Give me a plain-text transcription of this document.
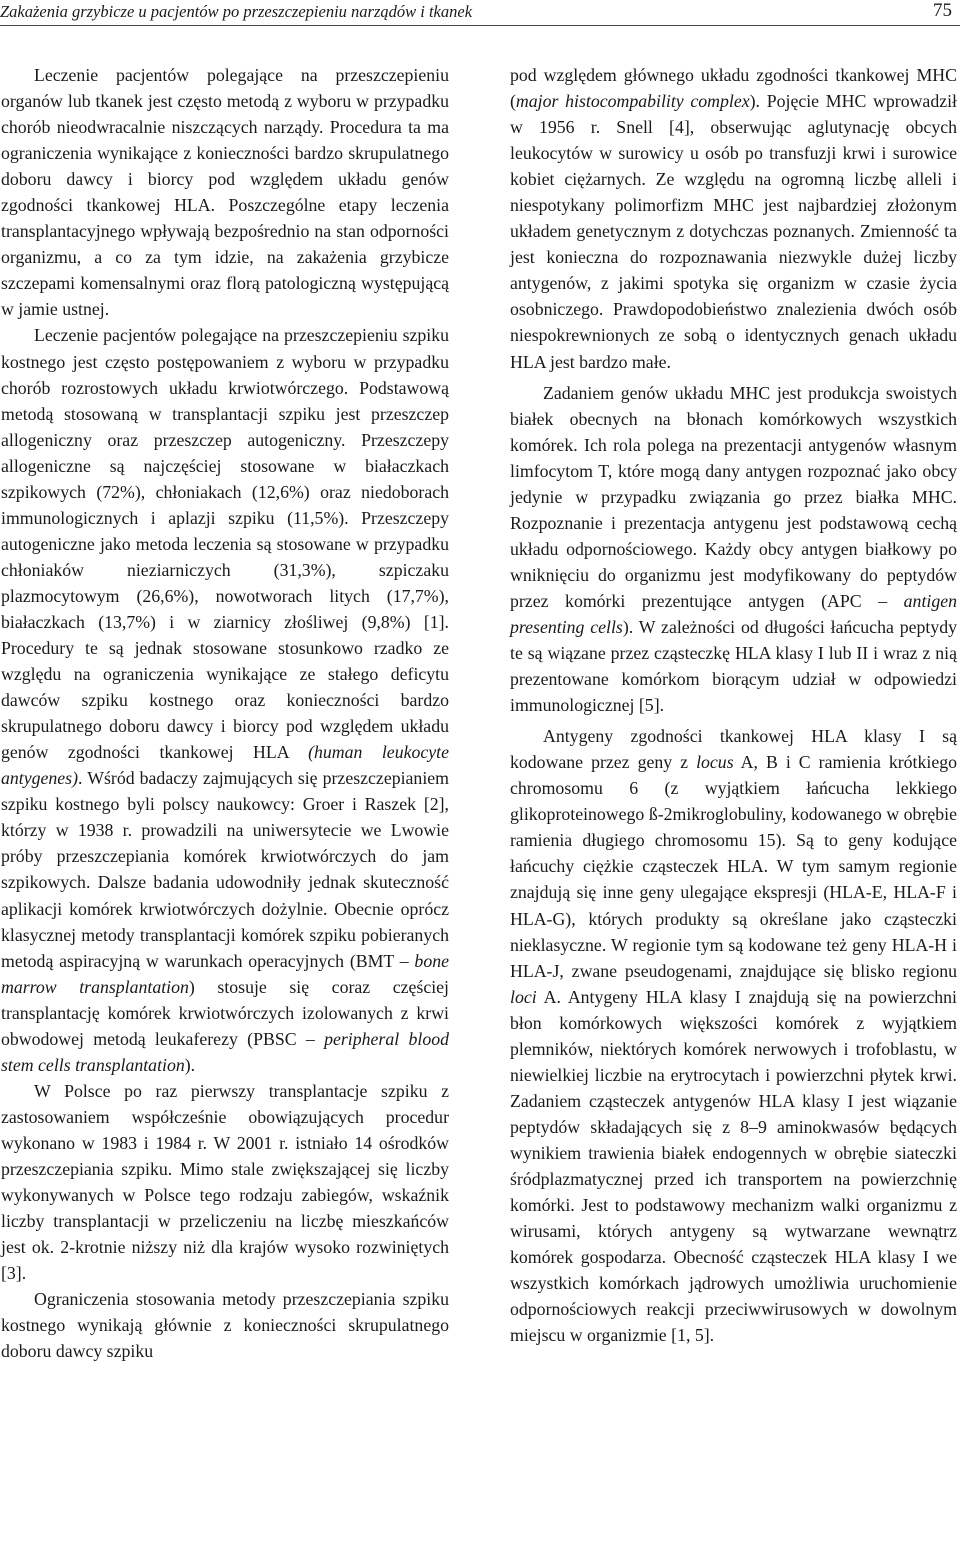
Zakażenia grzybicze u pacjentów po przeszczepieniu narządów i tkanek	75

Leczenie pacjentów polegające na przeszczepieniu organów lub tkanek jest często metodą z wyboru w przypadku chorób nieodwracalnie niszczących narządy. Procedura ta ma ograniczenia wynikające z konieczności bardzo skrupulatnego doboru dawcy i biorcy pod względem układu genów zgodności tkankowej HLA. Poszczególne etapy leczenia transplantacyjnego wpływają bezpośrednio na stan odporności organizmu, a co za tym idzie, na zakażenia grzybicze szczepami komensalnymi oraz florą patologiczną występującą w jamie ustnej.

Leczenie pacjentów polegające na przeszczepieniu szpiku kostnego jest często postępowaniem z wyboru w przypadku chorób rozrostowych układu krwiotwórczego. Podstawową metodą stosowaną w transplantacji szpiku jest przeszczep allogeniczny oraz przeszczep autogeniczny. Przeszczepy allogeniczne są najczęściej stosowane w białaczkach szpikowych (72%), chłoniakach (12,6%) oraz niedoborach immunologicznych i aplazji szpiku (11,5%). Przeszczepy autogeniczne jako metoda leczenia są stosowane w przypadku chłoniaków nieziarniczych (31,3%), szpiczaku plazmocytowym (26,6%), nowotworach litych (17,7%), białaczkach (13,7%) i w ziarnicy złośliwej (9,8%) [1]. Procedury te są jednak stosowane stosunkowo rzadko ze względu na ograniczenia wynikające ze stałego deficytu dawców szpiku kostnego oraz konieczności bardzo skrupulatnego doboru dawcy i biorcy pod względem układu genów zgodności tkankowej HLA (human leukocyte antygenes). Wśród badaczy zajmujących się przeszczepianiem szpiku kostnego byli polscy naukowcy: Groer i Raszek [2], którzy w 1938 r. prowadzili na uniwersytecie we Lwowie próby przeszczepiania komórek krwiotwórczych do jam szpikowych. Dalsze badania udowodniły jednak skuteczność aplikacji komórek krwiotwórczych dożylnie. Obecnie oprócz klasycznej metody transplantacji komórek szpiku pobieranych metodą aspiracyjną w warunkach operacyjnych (BMT – bone marrow transplantation) stosuje się coraz częściej transplantację komórek krwiotwórczych izolowanych z krwi obwodowej metodą leukaferezy (PBSC – peripheral blood stem cells transplantation).

W Polsce po raz pierwszy transplantacje szpiku z zastosowaniem współcześnie obowiązujących procedur wykonano w 1983 i 1984 r. W 2001 r. istniało 14 ośrodków przeszczepiania szpiku. Mimo stale zwiększającej się liczby wykonywanych w Polsce tego rodzaju zabiegów, wskaźnik liczby transplantacji w przeliczeniu na liczbę mieszkańców jest ok. 2-krotnie niższy niż dla krajów wysoko rozwiniętych [3].

Ograniczenia stosowania metody przeszczepiania szpiku kostnego wynikają głównie z konieczności skrupulatnego doboru dawcy szpiku

pod względem głównego układu zgodności tkankowej MHC (major histocompability complex). Pojęcie MHC wprowadził w 1956 r. Snell [4], obserwując aglutynację obcych leukocytów w surowicy u osób po transfuzji krwi i surowice kobiet ciężarnych. Ze względu na ogromną liczbę alleli i niespotykany polimorfizm MHC jest najbardziej złożonym układem genetycznym z dotychczas poznanych. Zmienność ta jest konieczna do rozpoznawania niezwykle dużej liczby antygenów, z jakimi spotyka się organizm w czasie życia osobniczego. Prawdopodobieństwo znalezienia dwóch osób niespokrewnionych ze sobą o identycznych genach układu HLA jest bardzo małe.

Zadaniem genów układu MHC jest produkcja swoistych białek obecnych na błonach komórkowych wszystkich komórek. Ich rola polega na prezentacji antygenów własnym limfocytom T, które mogą dany antygen rozpoznać jako obcy jedynie w przypadku związania go przez białka MHC. Rozpoznanie i prezentacja antygenu jest podstawową cechą układu odpornościowego. Każdy obcy antygen białkowy po wniknięciu do organizmu jest modyfikowany do peptydów przez komórki prezentujące antygen (APC – antigen presenting cells). W zależności od długości łańcucha peptydy te są wiązane przez cząsteczkę HLA klasy I lub II i wraz z nią prezentowane komórkom biorącym udział w odpowiedzi immunologicznej [5].

Antygeny zgodności tkankowej HLA klasy I są kodowane przez geny z locus A, B i C ramienia krótkiego chromosomu 6 (z wyjątkiem łańcucha lekkiego glikoproteinowego ß-2mikroglobuliny, kodowanego w obrębie ramienia długiego chromosomu 15). Są to geny kodujące łańcuchy ciężkie cząsteczek HLA. W tym samym regionie znajdują się inne geny ulegające ekspresji (HLA-E, HLA-F i HLA-G), których produkty są określane jako cząsteczki nieklasyczne. W regionie tym są kodowane też geny HLA-H i HLA-J, zwane pseudogenami, znajdujące się blisko regionu loci A. Antygeny HLA klasy I znajdują się na powierzchni błon komórkowych większości komórek z wyjątkiem plemników, niektórych komórek nerwowych i trofoblastu, w niewielkiej liczbie na erytrocytach i powierzchni płytek krwi. Zadaniem cząsteczek antygenów HLA klasy I jest wiązanie peptydów składających się z 8–9 aminokwasów będących wynikiem trawienia białek endogennych w obrębie siateczki śródplazmatycznej przed ich transportem na powierzchnię komórki. Jest to podstawowy mechanizm walki organizmu z wirusami, których antygeny są wytwarzane wewnątrz komórek gospodarza. Obecność cząsteczek HLA klasy I we wszystkich komórkach jądrowych umożliwia uruchomienie odpornościowych reakcji przeciwwirusowych w dowolnym miejscu w organizmie [1, 5].
